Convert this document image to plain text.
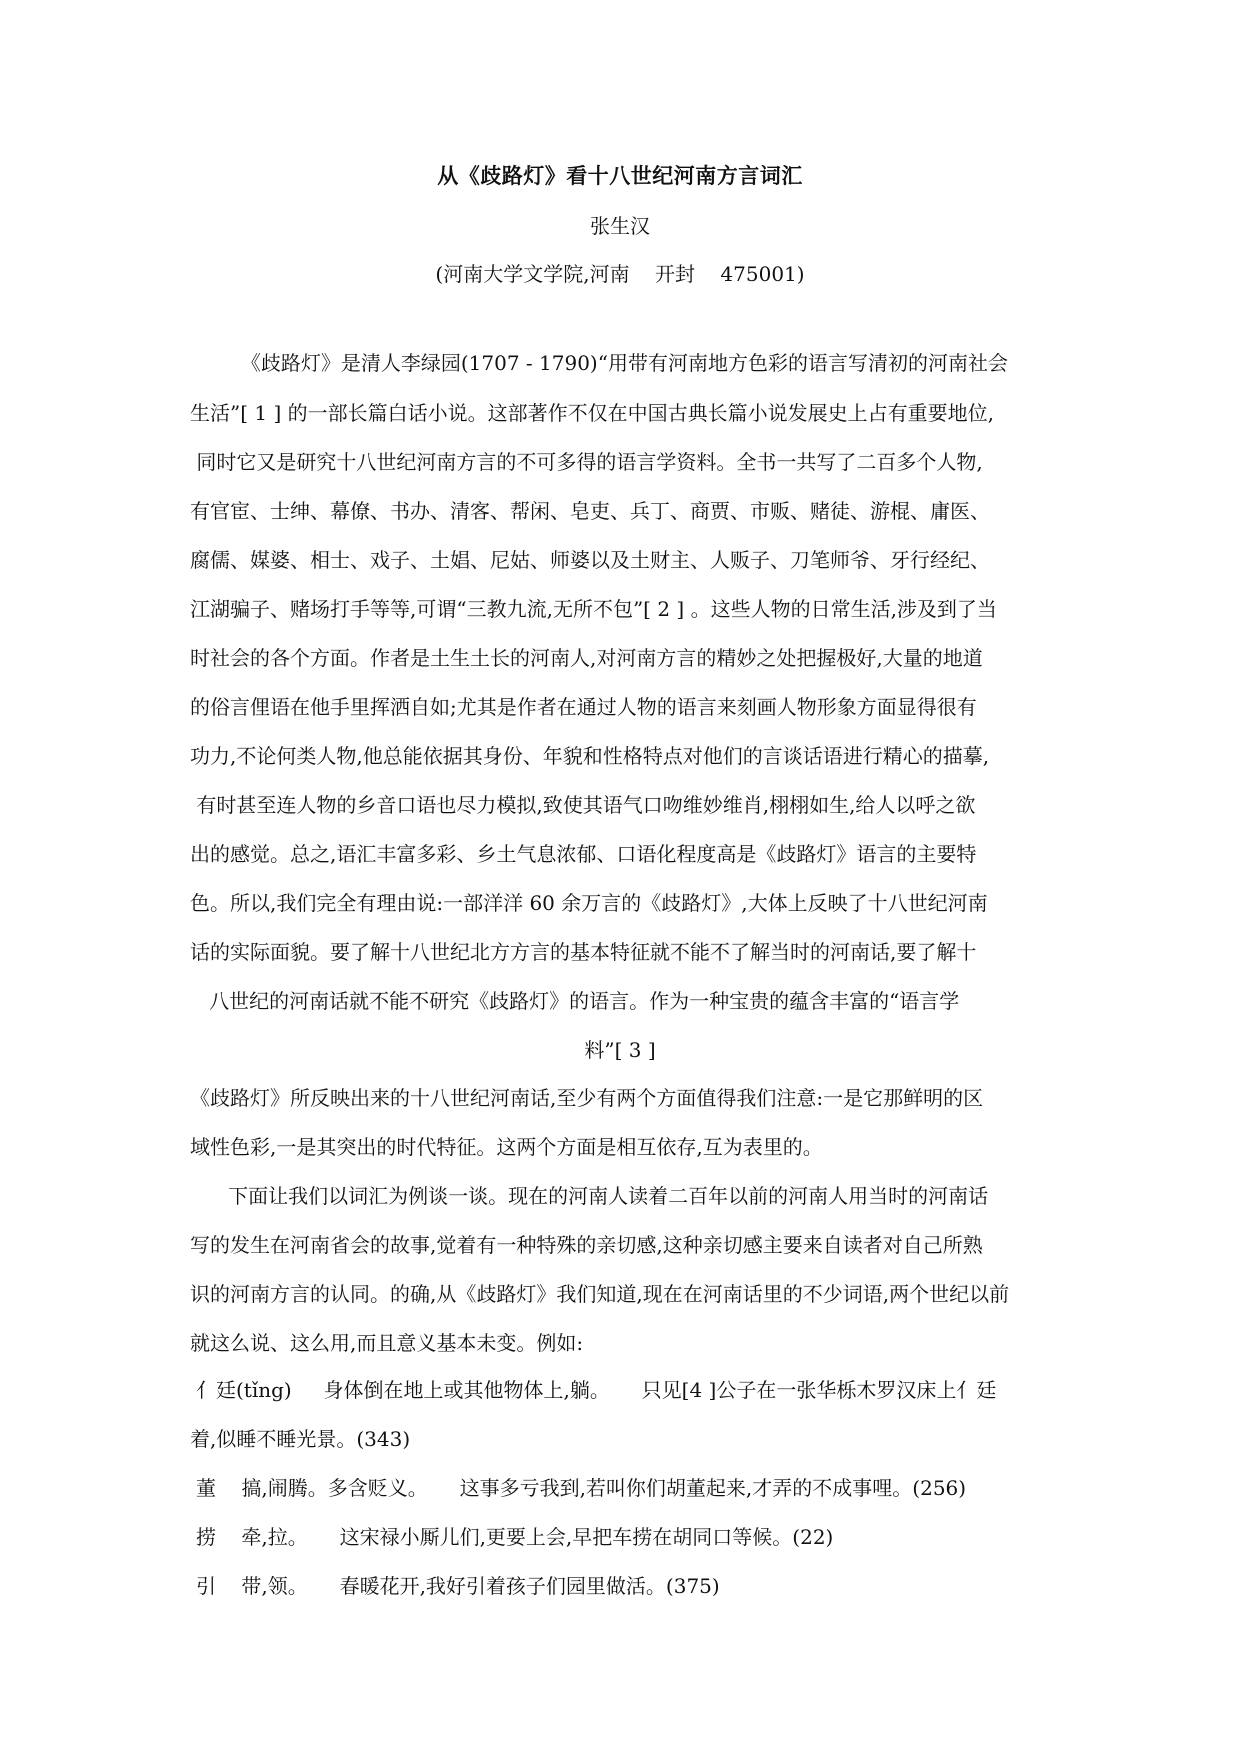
从《歧路灯》看十八世纪河南方言词汇
张生汉
(河南大学文学院,河南    开封    475001)
《歧路灯》是清人李绿园(1707 - 1790)“用带有河南地方色彩的语言写清初的河南社会
生活”[ 1 ] 的一部长篇白话小说。这部著作不仅在中国古典长篇小说发展史上占有重要地位,
同时它又是研究十八世纪河南方言的不可多得的语言学资料。全书一共写了二百多个人物,
有官宦、士绅、幕僚、书办、清客、帮闲、皂吏、兵丁、商贾、市贩、赌徒、游棍、庸医、
腐儒、媒婆、相士、戏子、土娼、尼姑、师婆以及土财主、人贩子、刀笔师爷、牙行经纪、
江湖骗子、赌场打手等等,可谓“三教九流,无所不包”[ 2 ] 。这些人物的日常生活,涉及到了当
时社会的各个方面。作者是土生土长的河南人,对河南方言的精妙之处把握极好,大量的地道
的俗言俚语在他手里挥洒自如;尤其是作者在通过人物的语言来刻画人物形象方面显得很有
功力,不论何类人物,他总能依据其身份、年貌和性格特点对他们的言谈话语进行精心的描摹,
有时甚至连人物的乡音口语也尽力模拟,致使其语气口吻维妙维肖,栩栩如生,给人以呼之欲
出的感觉。总之,语汇丰富多彩、乡土气息浓郁、口语化程度高是《歧路灯》语言的主要特
色。所以,我们完全有理由说:一部洋洋 60 余万言的《歧路灯》,大体上反映了十八世纪河南
话的实际面貌。要了解十八世纪北方方言的基本特征就不能不了解当时的河南话,要了解十
八世纪的河南话就不能不研究《歧路灯》的语言。作为一种宝贵的蕴含丰富的“语言学
料”[ 3 ]
《歧路灯》所反映出来的十八世纪河南话,至少有两个方面值得我们注意:一是它那鲜明的区
域性色彩,一是其突出的时代特征。这两个方面是相互依存,互为表里的。
下面让我们以词汇为例谈一谈。现在的河南人读着二百年以前的河南人用当时的河南话
写的发生在河南省会的故事,觉着有一种特殊的亲切感,这种亲切感主要来自读者对自己所熟
识的河南方言的认同。的确,从《歧路灯》我们知道,现在在河南话里的不少词语,两个世纪以前
就这么说、这么用,而且意义基本未变。例如:
亻廷(tǐng)     身体倒在地上或其他物体上,躺。     只见[4 ]公子在一张华栎木罗汉床上亻廷
着,似睡不睡光景。(343)
董    搞,闹腾。多含贬义。     这事多亏我到,若叫你们胡董起来,才弄的不成事哩。(256)
捞    牵,拉。     这宋禄小厮儿们,更要上会,早把车捞在胡同口等候。(22)
引    带,领。     春暖花开,我好引着孩子们园里做活。(375)
